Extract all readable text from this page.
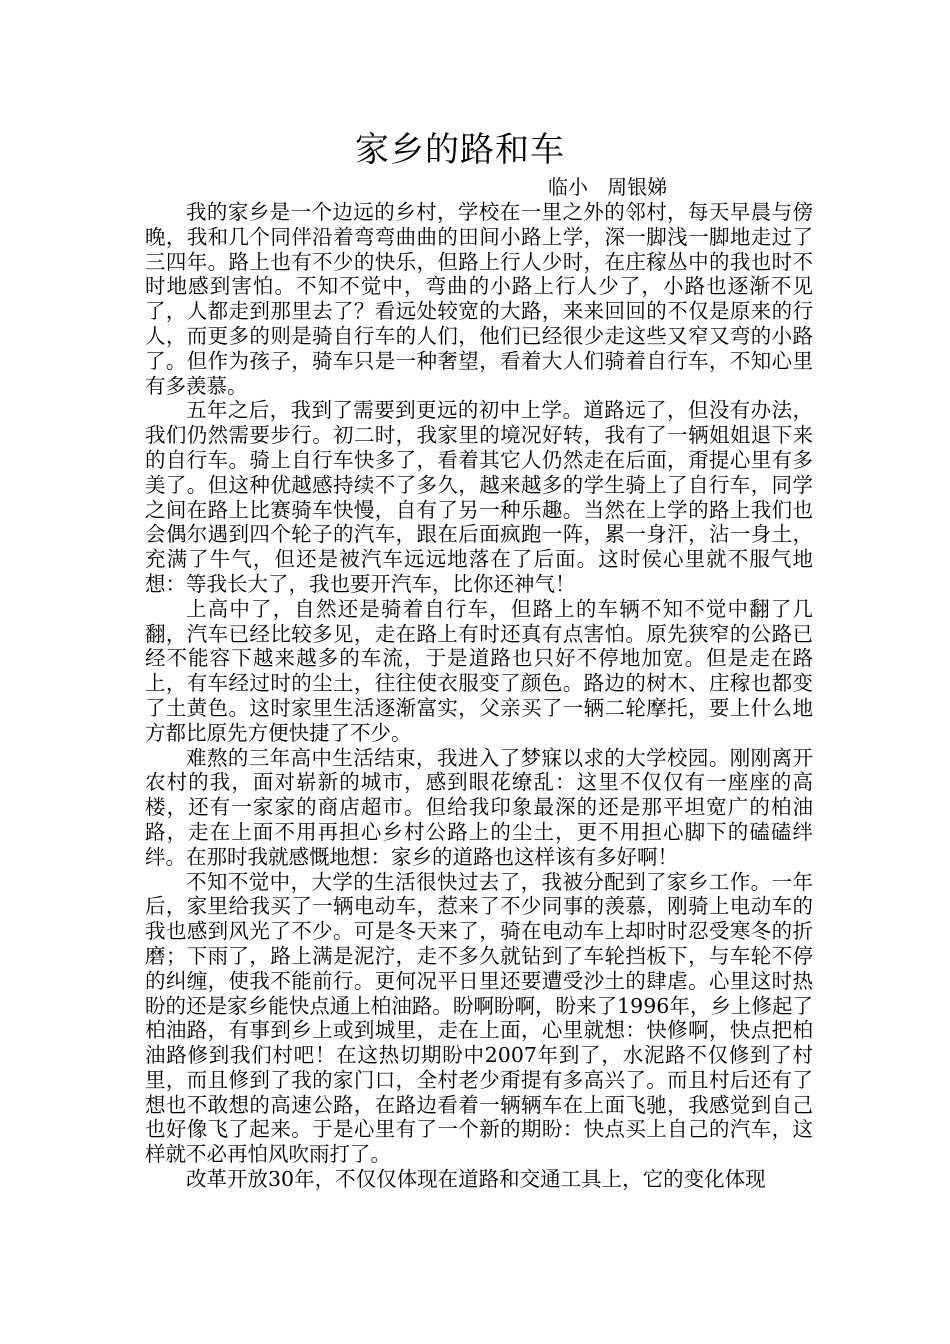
家乡的路和车
临小   周银娣

我的家乡是一个边远的乡村，学校在一里之外的邻村，每天早晨与傍晚，我和几个同伴沿着弯弯曲曲的田间小路上学，深一脚浅一脚地走过了三四年。路上也有不少的快乐，但路上行人少时，在庄稼丛中的我也时不时地感到害怕。不知不觉中，弯曲的小路上行人少了，小路也逐渐不见了，人都走到那里去了？看远处较宽的大路，来来回回的不仅是原来的行人，而更多的则是骑自行车的人们，他们已经很少走这些又窄又弯的小路了。但作为孩子，骑车只是一种奢望，看着大人们骑着自行车，不知心里有多羡慕。

五年之后，我到了需要到更远的初中上学。道路远了，但没有办法，我们仍然需要步行。初二时，我家里的境况好转，我有了一辆姐姐退下来的自行车。骑上自行车快多了，看着其它人仍然走在后面，甭提心里有多美了。但这种优越感持续不了多久，越来越多的学生骑上了自行车，同学之间在路上比赛骑车快慢，自有了另一种乐趣。当然在上学的路上我们也会偶尔遇到四个轮子的汽车，跟在后面疯跑一阵，累一身汗，沾一身土，充满了牛气，但还是被汽车远远地落在了后面。这时侯心里就不服气地想：等我长大了，我也要开汽车，比你还神气！

上高中了，自然还是骑着自行车，但路上的车辆不知不觉中翻了几翻，汽车已经比较多见，走在路上有时还真有点害怕。原先狭窄的公路已经不能容下越来越多的车流，于是道路也只好不停地加宽。但是走在路上，有车经过时的尘土，往往使衣服变了颜色。路边的树木、庄稼也都变了土黄色。这时家里生活逐渐富实，父亲买了一辆二轮摩托，要上什么地方都比原先方便快捷了不少。

难熬的三年高中生活结束，我进入了梦寐以求的大学校园。刚刚离开农村的我，面对崭新的城市，感到眼花缭乱：这里不仅仅有一座座的高楼，还有一家家的商店超市。但给我印象最深的还是那平坦宽广的柏油路，走在上面不用再担心乡村公路上的尘土，更不用担心脚下的磕磕绊绊。在那时我就感慨地想：家乡的道路也这样该有多好啊！

不知不觉中，大学的生活很快过去了，我被分配到了家乡工作。一年后，家里给我买了一辆电动车，惹来了不少同事的羡慕，刚骑上电动车的我也感到风光了不少。可是冬天来了，骑在电动车上却时时忍受寒冬的折磨；下雨了，路上满是泥泞，走不多久就钻到了车轮挡板下，与车轮不停的纠缠，使我不能前行。更何况平日里还要遭受沙土的肆虐。心里这时热盼的还是家乡能快点通上柏油路。盼啊盼啊，盼来了1996年，乡上修起了柏油路，有事到乡上或到城里，走在上面，心里就想：快修啊，快点把柏油路修到我们村吧！在这热切期盼中2007年到了，水泥路不仅修到了村里，而且修到了我的家门口，全村老少甭提有多高兴了。而且村后还有了想也不敢想的高速公路，在路边看着一辆辆车在上面飞驰，我感觉到自己也好像飞了起来。于是心里有了一个新的期盼：快点买上自己的汽车，这样就不必再怕风吹雨打了。

改革开放30年，不仅仅体现在道路和交通工具上，它的变化体现
